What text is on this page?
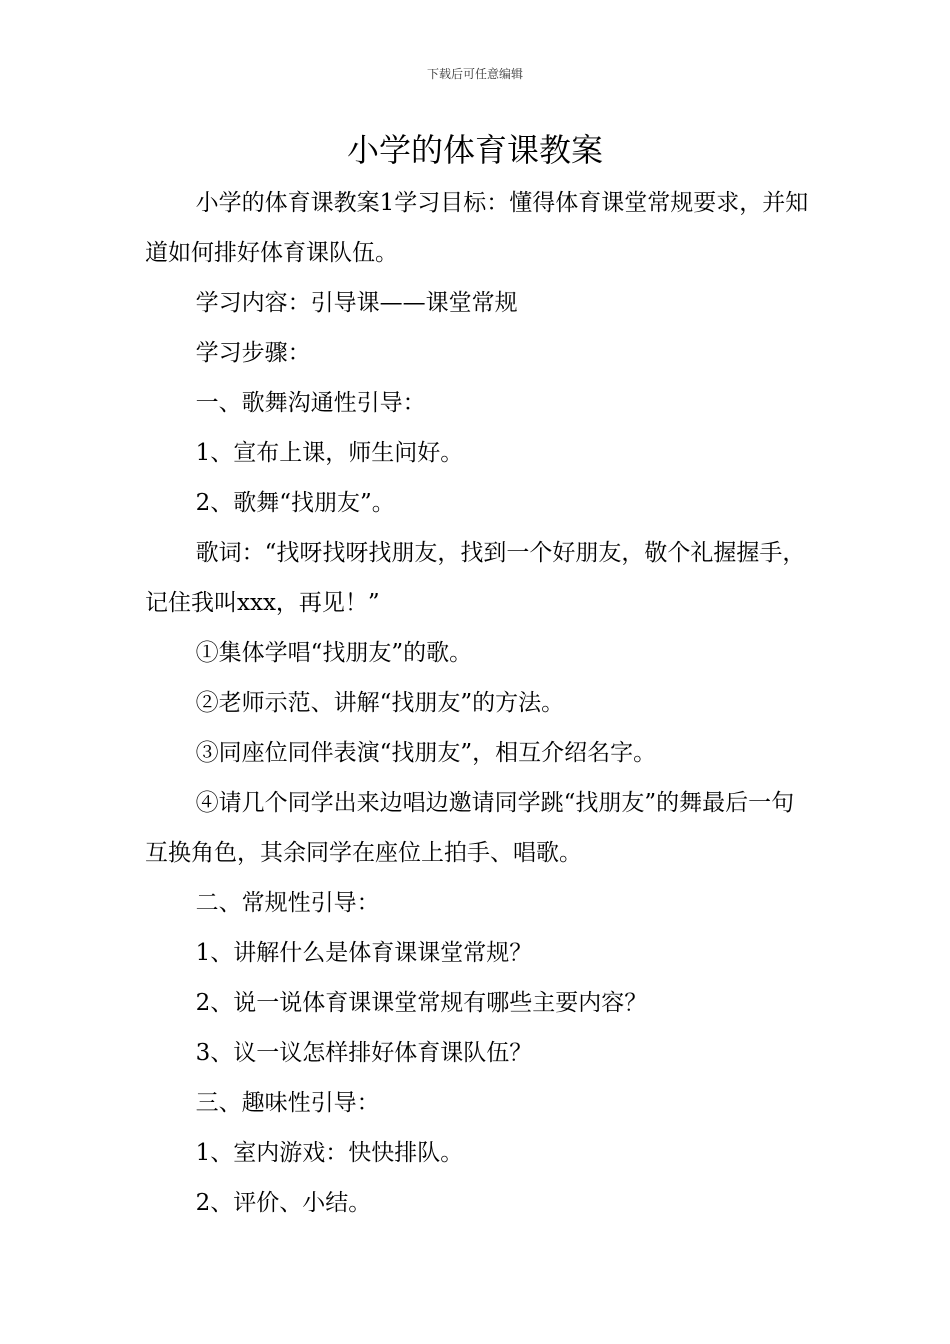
下载后可任意编辑
小学的体育课教案

小学的体育课教案1学习目标：懂得体育课堂常规要求，并知道如何排好体育课队伍。

学习内容：引导课——课堂常规

学习步骤：

一、歌舞沟通性引导：

1、宣布上课，师生问好。

2、歌舞“找朋友”。

歌词：“找呀找呀找朋友，找到一个好朋友，敬个礼握握手，记住我叫xxx，再见！”

①集体学唱“找朋友”的歌。

②老师示范、讲解“找朋友”的方法。

③同座位同伴表演“找朋友”，相互介绍名字。

④请几个同学出来边唱边邀请同学跳“找朋友”的舞最后一句互换角色，其余同学在座位上拍手、唱歌。

二、常规性引导：

1、讲解什么是体育课课堂常规？

2、说一说体育课课堂常规有哪些主要内容？

3、议一议怎样排好体育课队伍？

三、趣味性引导：

1、室内游戏：快快排队。

2、评价、小结。
